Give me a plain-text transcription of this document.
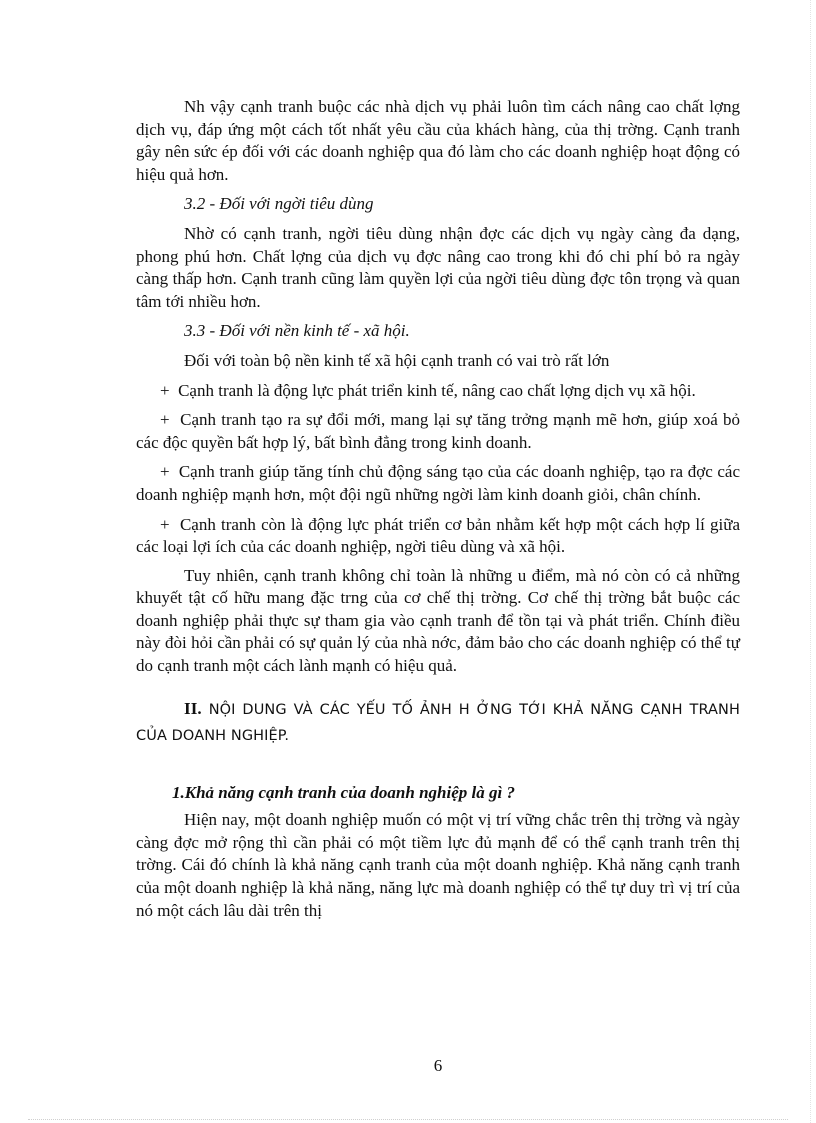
Nh vậy cạnh tranh buộc các nhà dịch vụ phải luôn tìm cách nâng cao chất lợng dịch vụ, đáp ứng một cách tốt nhất yêu cầu của khách hàng, của thị trờng. Cạnh tranh gây nên sức ép đối với các doanh nghiệp qua đó làm cho các doanh nghiệp hoạt động có hiệu quả hơn.

3.2 - Đối với ngời tiêu dùng

Nhờ có cạnh tranh, ngời tiêu dùng nhận đợc các dịch vụ ngày càng đa dạng, phong phú hơn. Chất lợng của dịch vụ đợc nâng cao trong khi đó chi phí bỏ ra ngày càng thấp hơn. Cạnh tranh cũng làm quyền lợi của ngời tiêu dùng đợc tôn trọng và quan tâm tới nhiều hơn.

3.3 - Đối với nền kinh tế - xã hội.

Đối với toàn bộ nền kinh tế xã hội cạnh tranh có vai trò rất lớn

+ Cạnh tranh là động lực phát triển kinh tế, nâng cao chất lợng dịch vụ xã hội.

+ Cạnh tranh tạo ra sự đổi mới, mang lại sự tăng trởng mạnh mẽ hơn, giúp xoá bỏ các độc quyền bất hợp lý, bất bình đẳng trong kinh doanh.

+ Cạnh tranh giúp tăng tính chủ động sáng tạo của các doanh nghiệp, tạo ra đợc các doanh nghiệp mạnh hơn, một đội ngũ những ngời làm kinh doanh giỏi, chân chính.

+ Cạnh tranh còn là động lực phát triển cơ bản nhằm kết hợp một cách hợp lí giữa các loại lợi ích của các doanh nghiệp, ngời tiêu dùng và xã hội.

Tuy nhiên, cạnh tranh không chỉ toàn là những u điểm, mà nó còn có cả những khuyết tật cố hữu mang đặc trng của cơ chế thị trờng. Cơ chế thị trờng bắt buộc các doanh nghiệp phải thực sự tham gia vào cạnh tranh để tồn tại và phát triển. Chính điều này đòi hỏi cần phải có sự quản lý của nhà nớc, đảm bảo cho các doanh nghiệp có thể tự do cạnh tranh một cách lành mạnh có hiệu quả.

II. NỘI DUNG VÀ CÁC YẾU TỐ ẢNH H ỞNG TỚI KHẢ NĂNG CẠNH TRANH CỦA DOANH NGHIỆP.

1.Khả năng cạnh tranh của doanh nghiệp là gì ?

Hiện nay, một doanh nghiệp muốn có một vị trí vững chắc trên thị trờng và ngày càng đợc mở rộng thì cần phải có một tiềm lực đủ mạnh để có thể cạnh tranh trên thị trờng. Cái đó chính là khả năng cạnh tranh của một doanh nghiệp. Khả năng cạnh tranh của một doanh nghiệp là khả năng, năng lực mà doanh nghiệp có thể tự duy trì vị trí của nó một cách lâu dài trên thị

6
